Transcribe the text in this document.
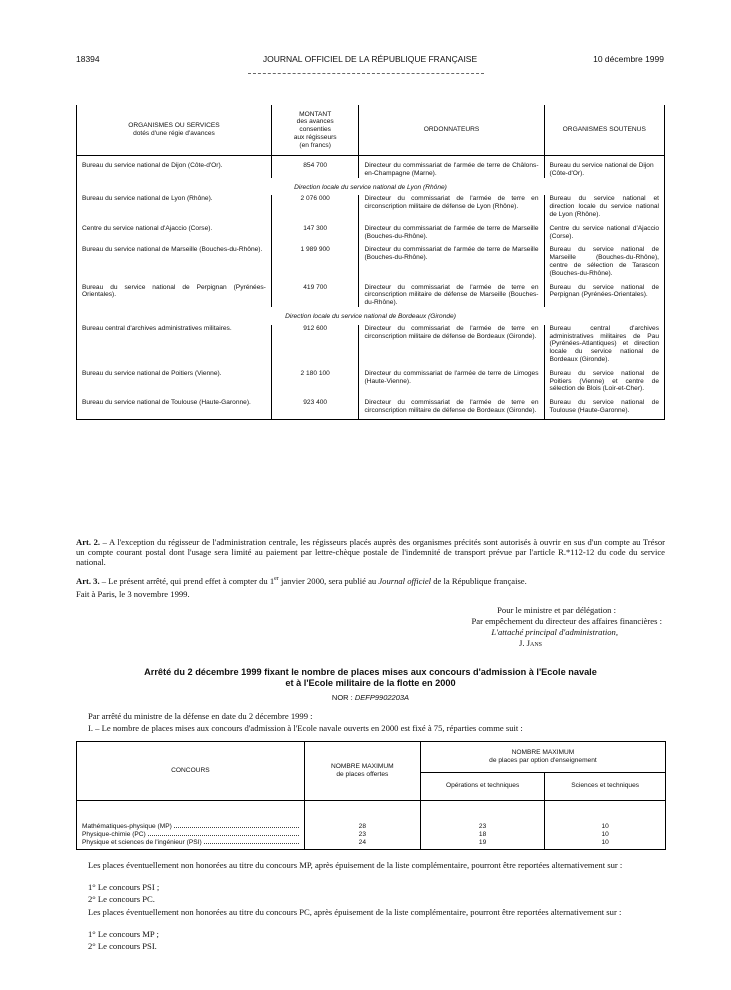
18394	JOURNAL OFFICIEL DE LA RÉPUBLIQUE FRANÇAISE	10 décembre 1999
ORGANISMES OU SERVICES
dotés d'une régie d'avances	MONTANT
des avances
consenties
aux régisseurs
(en francs)	ORDONNATEURS	ORGANISMES SOUTENUS
Bureau du service national de Dijon (Côte-d'Or).	854 700	Directeur du commissariat de l'armée de terre de Châlons-en-Champagne (Marne).	Bureau du service national de Dijon (Côte-d'Or).
Direction locale du service national de Lyon (Rhône)			
Bureau du service national de Lyon (Rhône).	2 076 000	Directeur du commissariat de l'armée de terre en circonscription militaire de défense de Lyon (Rhône).	Bureau du service national et direction locale du service national de Lyon (Rhône).
Centre du service national d'Ajaccio (Corse).	147 300	Directeur du commissariat de l'armée de terre de Marseille (Bouches-du-Rhône).	Centre du service national d'Ajaccio (Corse).
Bureau du service national de Marseille (Bouches-du-Rhône).	1 989 900	Directeur du commissariat de l'armée de terre de Marseille (Bouches-du-Rhône).	Bureau du service national de Marseille (Bouches-du-Rhône), centre de sélection de Tarascon (Bouches-du-Rhône).
Bureau du service national de Perpignan (Pyrénées-Orientales).	419 700	Directeur du commissariat de l'armée de terre en circonscription militaire de défense de Marseille (Bouches-du-Rhône).	Bureau du service national de Perpignan (Pyrénées-Orientales).
Direction locale du service national de Bordeaux (Gironde)			
Bureau central d'archives administratives militaires.	912 600	Directeur du commissariat de l'armée de terre en circonscription militaire de défense de Bordeaux (Gironde).	Bureau central d'archives administratives militaires de Pau (Pyrénées-Atlantiques) et direction locale du service national de Bordeaux (Gironde).
Bureau du service national de Poitiers (Vienne).	2 180 100	Directeur du commissariat de l'armée de terre de Limoges (Haute-Vienne).	Bureau du service national de Poitiers (Vienne) et centre de sélection de Blois (Loir-et-Cher).
Bureau du service national de Toulouse (Haute-Garonne).	923 400	Directeur du commissariat de l'armée de terre en circonscription militaire de défense de Bordeaux (Gironde).	Bureau du service national de Toulouse (Haute-Garonne).
Art. 2. – A l'exception du régisseur de l'administration centrale, les régisseurs placés auprès des organismes précités sont autorisés à ouvrir en sus d'un compte au Trésor un compte courant postal dont l'usage sera limité au paiement par lettre-chèque postale de l'indemnité de transport prévue par l'article R.*112-12 du code du service national.
Art. 3. – Le présent arrêté, qui prend effet à compter du 1er janvier 2000, sera publié au Journal officiel de la République française.
Fait à Paris, le 3 novembre 1999.
Pour le ministre et par délégation :
Par empêchement du directeur des affaires financières :
L'attaché principal d'administration,
J. Jans
Arrêté du 2 décembre 1999 fixant le nombre de places mises aux concours d'admission à l'Ecole navale
et à l'Ecole militaire de la flotte en 2000
NOR : DEFP9902203A
Par arrêté du ministre de la défense en date du 2 décembre 1999 :
I. – Le nombre de places mises aux concours d'admission à l'Ecole navale ouverts en 2000 est fixé à 75, réparties comme suit :
CONCOURS	NOMBRE MAXIMUM
de places offertes	NOMBRE MAXIMUM
de places par option d'enseignement	
		Opérations et techniques	Sciences et techniques

Mathématiques-physique (MP)	28	23	10

Physique-chimie (PC)	23	18	10

Physique et sciences de l'ingénieur (PSI)	24	19	10
Les places éventuellement non honorées au titre du concours MP, après épuisement de la liste complémentaire, pourront être reportées alternativement sur :
1° Le concours PSI ;
2° Le concours PC.
Les places éventuellement non honorées au titre du concours PC, après épuisement de la liste complémentaire, pourront être reportées alternativement sur :
1° Le concours MP ;
2° Le concours PSI.
